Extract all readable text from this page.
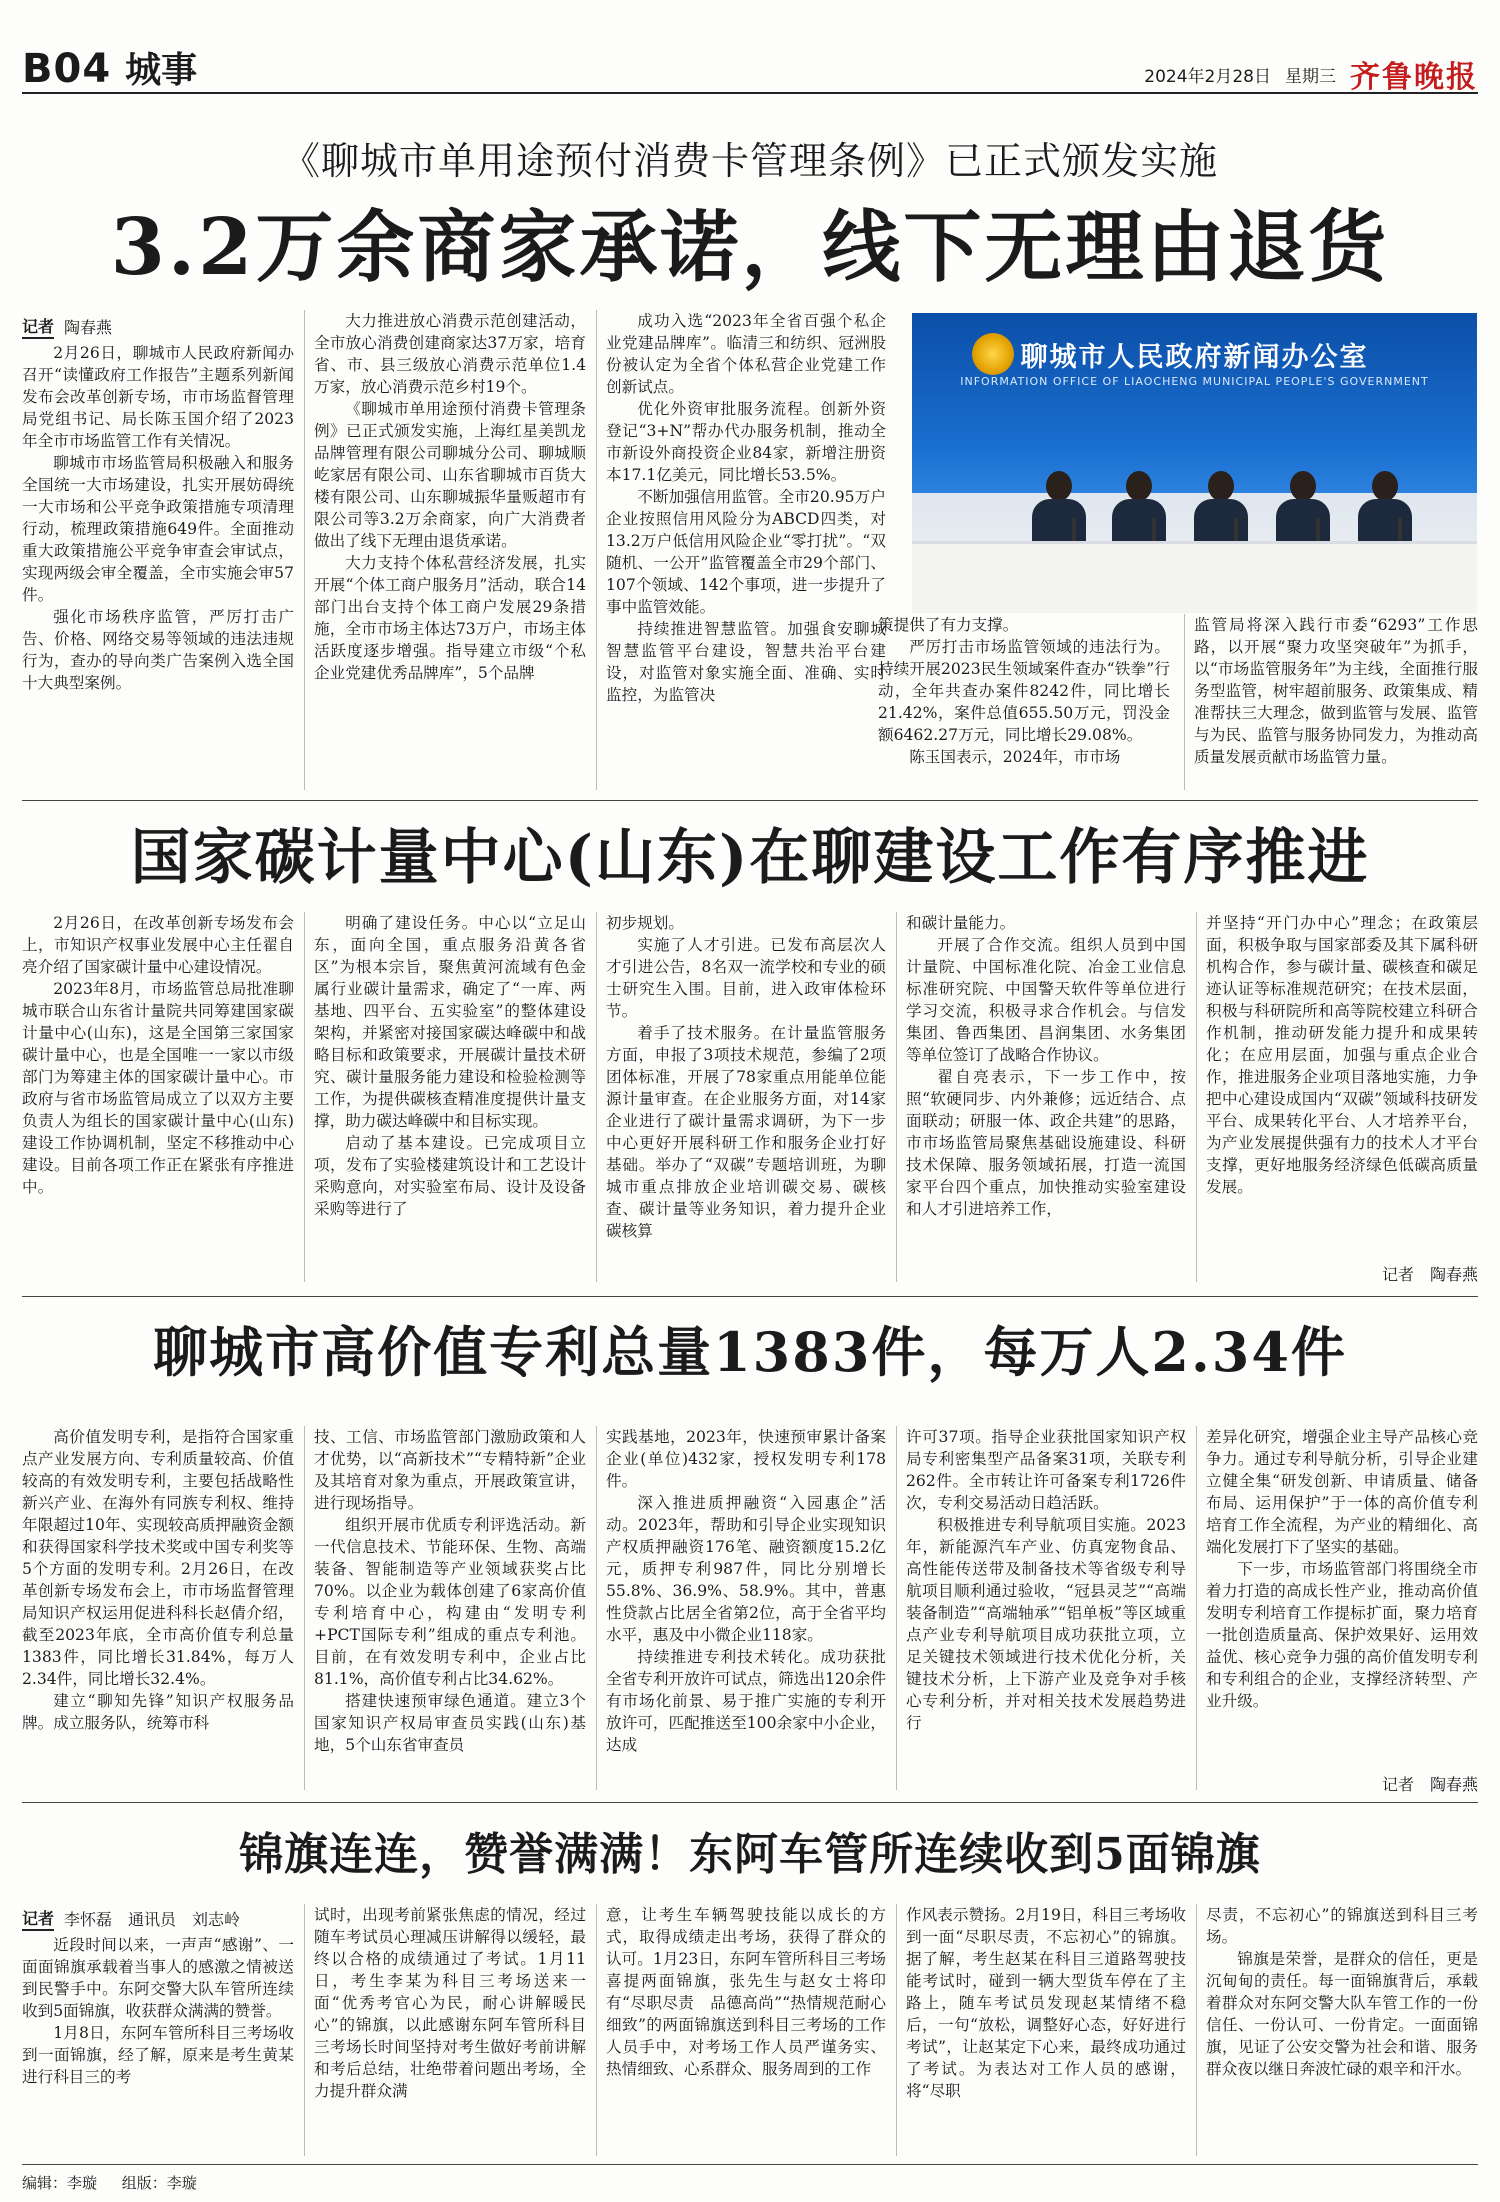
B04 城事	2024年2月28日 星期三 齐鲁晚报
《聊城市单用途预付消费卡管理条例》已正式颁发实施
3.2万余商家承诺，线下无理由退货
记者 陶春燕

2月26日，聊城市人民政府新闻办召开“读懂政府工作报告”主题系列新闻发布会改革创新专场，市市场监督管理局党组书记、局长陈玉国介绍了2023年全市市场监管工作有关情况。

聊城市市场监管局积极融入和服务全国统一大市场建设，扎实开展妨碍统一大市场和公平竞争政策措施专项清理行动，梳理政策措施649件。全面推动重大政策措施公平竞争审查会审试点，实现两级会审全覆盖，全市实施会审57件。

强化市场秩序监管，严厉打击广告、价格、网络交易等领域的违法违规行为，查办的导向类广告案例入选全国十大典型案例。

大力推进放心消费示范创建活动，全市放心消费创建商家达37万家，培育省、市、县三级放心消费示范单位1.4万家，放心消费示范乡村19个。

《聊城市单用途预付消费卡管理条例》已正式颁发实施，上海红星美凯龙品牌管理有限公司聊城分公司、聊城顺屹家居有限公司、山东省聊城市百货大楼有限公司、山东聊城振华量贩超市有限公司等3.2万余商家，向广大消费者做出了线下无理由退货承诺。

大力支持个体私营经济发展，扎实开展“个体工商户服务月”活动，联合14部门出台支持个体工商户发展29条措施，全市市场主体达73万户，市场主体活跃度逐步增强。指导建立市级“个私企业党建优秀品牌库”，5个品牌

成功入选“2023年全省百强个私企业党建品牌库”。临清三和纺织、冠洲股份被认定为全省个体私营企业党建工作创新试点。

优化外资审批服务流程。创新外资登记“3+N”帮办代办服务机制，推动全市新设外商投资企业84家，新增注册资本17.1亿美元，同比增长53.5%。

不断加强信用监管。全市20.95万户企业按照信用风险分为ABCD四类，对13.2万户低信用风险企业“零打扰”。“双随机、一公开”监管覆盖全市29个部门、107个领域、142个事项，进一步提升了事中监管效能。

持续推进智慧监管。加强食安聊城智慧监管平台建设，智慧共治平台建设，对监管对象实施全面、准确、实时监控，为监管决

聊城市人民政府新闻办公室
INFORMATION OFFICE OF LIAOCHENG MUNICIPAL PEOPLE'S GOVERNMENT

策提供了有力支撑。

严厉打击市场监管领域的违法行为。持续开展2023民生领域案件查办“铁拳”行动，全年共查办案件8242件，同比增长21.42%，案件总值655.50万元，罚没金额6462.27万元，同比增长29.08%。

陈玉国表示，2024年，市市场

监管局将深入践行市委“6293”工作思路，以开展“聚力攻坚突破年”为抓手，以“市场监管服务年”为主线，全面推行服务型监管，树牢超前服务、政策集成、精准帮扶三大理念，做到监管与发展、监管与为民、监管与服务协同发力，为推动高质量发展贡献市场监管力量。

国家碳计量中心(山东)在聊建设工作有序推进

2月26日，在改革创新专场发布会上，市知识产权事业发展中心主任翟自亮介绍了国家碳计量中心建设情况。

2023年8月，市场监管总局批准聊城市联合山东省计量院共同筹建国家碳计量中心(山东)，这是全国第三家国家碳计量中心，也是全国唯一一家以市级部门为筹建主体的国家碳计量中心。市政府与省市场监管局成立了以双方主要负责人为组长的国家碳计量中心(山东)建设工作协调机制，坚定不移推动中心建设。目前各项工作正在紧张有序推进中。

明确了建设任务。中心以“立足山东，面向全国，重点服务沿黄各省区”为根本宗旨，聚焦黄河流域有色金属行业碳计量需求，确定了“一库、两基地、四平台、五实验室”的整体建设架构，并紧密对接国家碳达峰碳中和战略目标和政策要求，开展碳计量技术研究、碳计量服务能力建设和检验检测等工作，为提供碳核查精准度提供计量支撑，助力碳达峰碳中和目标实现。

启动了基本建设。已完成项目立项，发布了实验楼建筑设计和工艺设计采购意向，对实验室布局、设计及设备采购等进行了

初步规划。

实施了人才引进。已发布高层次人才引进公告，8名双一流学校和专业的硕士研究生入围。目前，进入政审体检环节。

着手了技术服务。在计量监管服务方面，申报了3项技术规范，参编了2项团体标准，开展了78家重点用能单位能源计量审查。在企业服务方面，对14家企业进行了碳计量需求调研，为下一步中心更好开展科研工作和服务企业打好基础。举办了“双碳”专题培训班，为聊城市重点排放企业培训碳交易、碳核查、碳计量等业务知识，着力提升企业碳核算

和碳计量能力。

开展了合作交流。组织人员到中国计量院、中国标准化院、冶金工业信息标准研究院、中国警天软件等单位进行学习交流，积极寻求合作机会。与信发集团、鲁西集团、昌润集团、水务集团等单位签订了战略合作协议。

翟自亮表示，下一步工作中，按照“软硬同步、内外兼修；远近结合、点面联动；研服一体、政企共建”的思路，市市场监管局聚焦基础设施建设、科研技术保障、服务领域拓展，打造一流国家平台四个重点，加快推动实验室建设和人才引进培养工作，

并坚持“开门办中心”理念；在政策层面，积极争取与国家部委及其下属科研机构合作，参与碳计量、碳核查和碳足迹认证等标准规范研究；在技术层面，积极与科研院所和高等院校建立科研合作机制，推动研发能力提升和成果转化；在应用层面，加强与重点企业合作，推进服务企业项目落地实施，力争把中心建设成国内“双碳”领域科技研发平台、成果转化平台、人才培养平台，为产业发展提供强有力的技术人才平台支撑，更好地服务经济绿色低碳高质量发展。

记者　陶春燕
聊城市高价值专利总量1383件，每万人2.34件

高价值发明专利，是指符合国家重点产业发展方向、专利质量较高、价值较高的有效发明专利，主要包括战略性新兴产业、在海外有同族专利权、维持年限超过10年、实现较高质押融资金额和获得国家科学技术奖或中国专利奖等5个方面的发明专利。2月26日，在改革创新专场发布会上，市市场监督管理局知识产权运用促进科科长赵倩介绍，截至2023年底，全市高价值专利总量1383件，同比增长31.84%，每万人2.34件，同比增长32.4%。

建立“聊知先锋”知识产权服务品牌。成立服务队，统筹市科

技、工信、市场监管部门激励政策和人才优势，以“高新技术”“专精特新”企业及其培育对象为重点，开展政策宣讲，进行现场指导。

组织开展市优质专利评选活动。新一代信息技术、节能环保、生物、高端装备、智能制造等产业领域获奖占比70%。以企业为载体创建了6家高价值专利培育中心，构建由“发明专利+PCT国际专利”组成的重点专利池。目前，在有效发明专利中，企业占比81.1%，高价值专利占比34.62%。

搭建快速预审绿色通道。建立3个国家知识产权局审查员实践(山东)基地，5个山东省审查员

实践基地，2023年，快速预审累计备案企业(单位)432家，授权发明专利178件。

深入推进质押融资“入园惠企”活动。2023年，帮助和引导企业实现知识产权质押融资176笔、融资额度15.2亿元，质押专利987件，同比分别增长55.8%、36.9%、58.9%。其中，普惠性贷款占比居全省第2位，高于全省平均水平，惠及中小微企业118家。

持续推进专利技术转化。成功获批全省专利开放许可试点，筛选出120余件有市场化前景、易于推广实施的专利开放许可，匹配推送至100余家中小企业，达成

许可37项。指导企业获批国家知识产权局专利密集型产品备案31项，关联专利262件。全市转让许可备案专利1726件次，专利交易活动日趋活跃。

积极推进专利导航项目实施。2023年，新能源汽车产业、仿真宠物食品、高性能传送带及制备技术等省级专利导航项目顺利通过验收，“冠县灵芝”“高端装备制造”“高端轴承”“铝单板”等区域重点产业专利导航项目成功获批立项，立足关键技术领域进行技术优化分析，关键技术分析，上下游产业及竞争对手核心专利分析，并对相关技术发展趋势进行

差异化研究，增强企业主导产品核心竞争力。通过专利导航分析，引导企业建立健全集“研发创新、申请质量、储备布局、运用保护”于一体的高价值专利培育工作全流程，为产业的精细化、高端化发展打下了坚实的基础。

下一步，市场监管部门将围绕全市着力打造的高成长性产业，推动高价值发明专利培育工作提标扩面，聚力培育一批创造质量高、保护效果好、运用效益优、核心竞争力强的高价值发明专利和专利组合的企业，支撑经济转型、产业升级。

记者　陶春燕
锦旗连连，赞誉满满！东阿车管所连续收到5面锦旗
记者 李怀磊　通讯员　刘志岭

近段时间以来，一声声“感谢”、一面面锦旗承载着当事人的感激之情被送到民警手中。东阿交警大队车管所连续收到5面锦旗，收获群众满满的赞誉。

1月8日，东阿车管所科目三考场收到一面锦旗，经了解，原来是考生黄某进行科目三的考

试时，出现考前紧张焦虑的情况，经过随车考试员心理减压讲解得以缓轻，最终以合格的成绩通过了考试。1月11日，考生李某为科目三考场送来一面“优秀考官心为民，耐心讲解暖民心”的锦旗，以此感谢东阿车管所科目三考场长时间坚持对考生做好考前讲解和考后总结，壮绝带着问题出考场，全力提升群众满

意，让考生车辆驾驶技能以成长的方式，取得成绩走出考场，获得了群众的认可。1月23日，东阿车管所科目三考场喜提两面锦旗，张先生与赵女士将印有“尽职尽责　品德高尚”“热情规范耐心细致”的两面锦旗送到科目三考场的工作人员手中，对考场工作人员严谨务实、热情细致、心系群众、服务周到的工作

作风表示赞扬。2月19日，科目三考场收到一面“尽职尽责，不忘初心”的锦旗。据了解，考生赵某在科目三道路驾驶技能考试时，碰到一辆大型货车停在了主路上，随车考试员发现赵某情绪不稳后，一句“放松，调整好心态，好好进行考试”，让赵某定下心来，最终成功通过了考试。为表达对工作人员的感谢，将“尽职

尽责，不忘初心”的锦旗送到科目三考场。

锦旗是荣誉，是群众的信任，更是沉甸甸的责任。每一面锦旗背后，承载着群众对东阿交警大队车管工作的一份信任、一份认可、一份肯定。一面面锦旗，见证了公安交警为社会和谐、服务群众夜以继日奔波忙碌的艰辛和汗水。

编辑：李璇 组版：李璇
